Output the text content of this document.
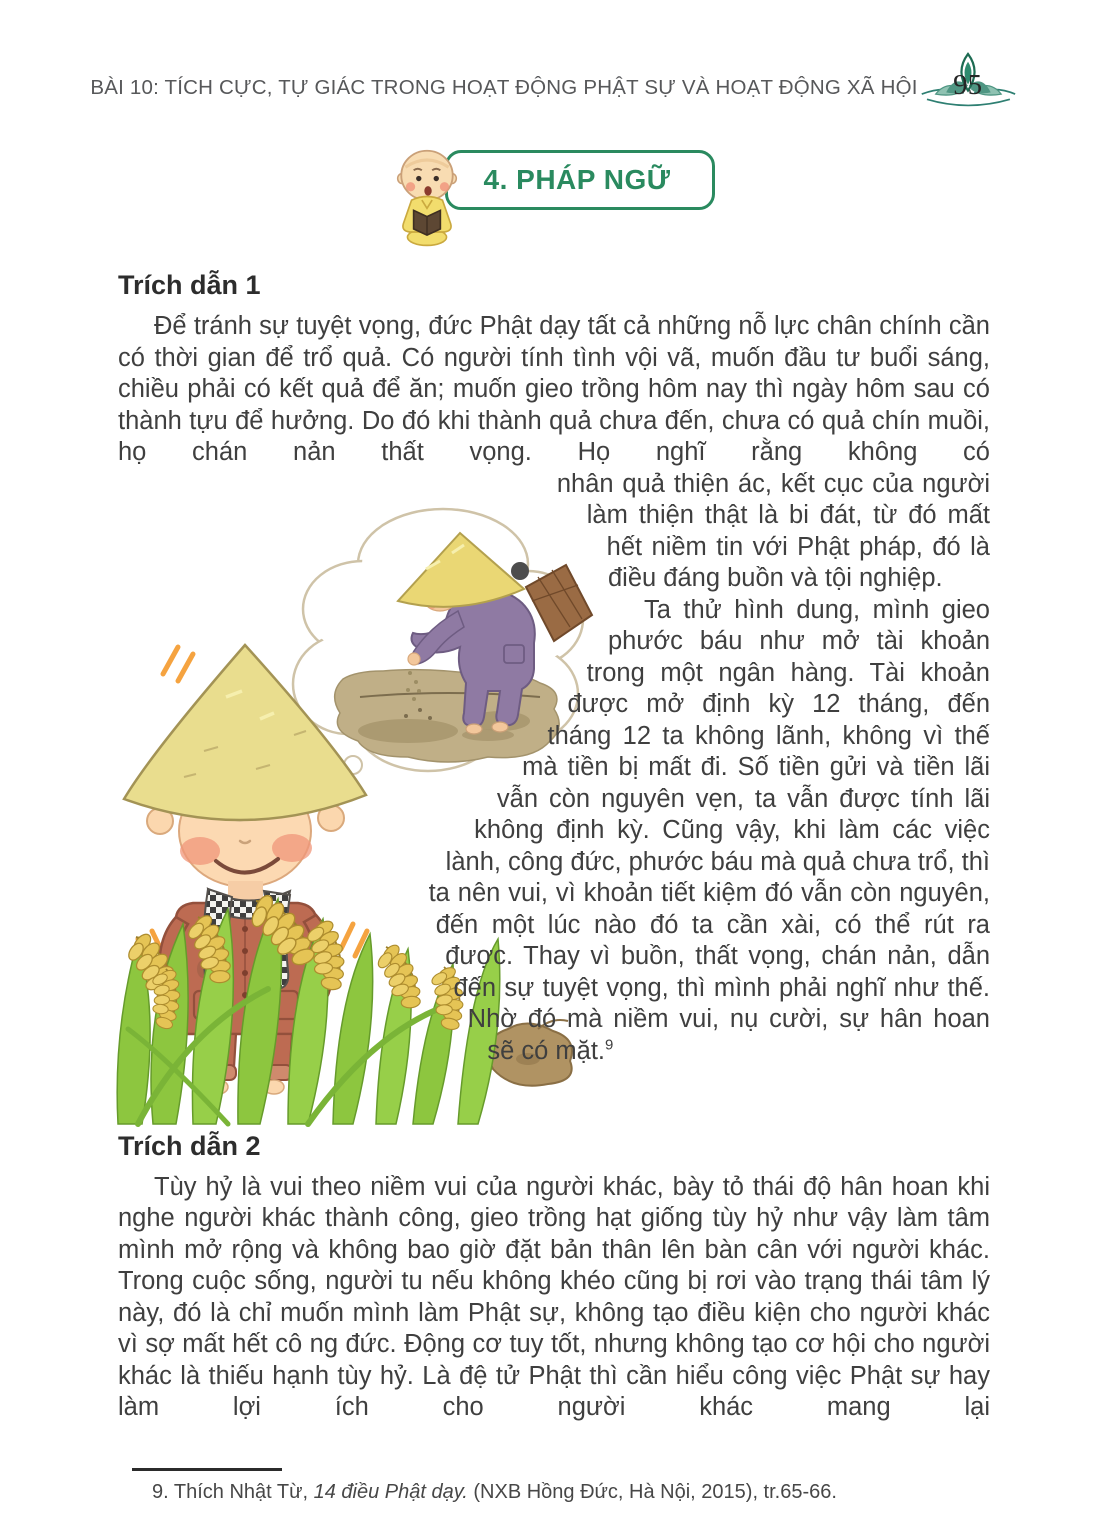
BÀI 10: TÍCH CỰC, TỰ GIÁC TRONG HOẠT ĐỘNG PHẬT SỰ VÀ HOẠT ĐỘNG XÃ HỘI 95
4. PHÁP NGỮ
Trích dẫn 1

Để tránh sự tuyệt vọng, đức Phật dạy tất cả những nỗ lực chân chính cần có thời gian để trổ quả. Có người tính tình vội vã, muốn đầu tư buổi sáng, chiều phải có kết quả để ăn; muốn gieo trồng hôm nay thì ngày hôm sau có thành tựu để hưởng. Do đó khi thành quả chưa đến, chưa có quả chín muồi, họ chán nản thất vọng. Họ nghĩ rằng không có

nhân quả thiện ác, kết cục của người làm thiện thật là bi đát, từ đó mất hết niềm tin với Phật pháp, đó là điều đáng buồn và tội nghiệp.

Ta thử hình dung, mình gieo phước báu như mở tài khoản trong một ngân hàng. Tài khoản được mở định kỳ 12 tháng, đến tháng 12 ta không lãnh, không vì thế mà tiền bị mất đi. Số tiền gửi và tiền lãi vẫn còn nguyên vẹn, ta vẫn được tính lãi không định kỳ. Cũng vậy, khi làm các việc lành, công đức, phước báu mà quả chưa trổ, thì ta nên vui, vì khoản tiết kiệm đó vẫn còn nguyên, đến một lúc nào đó ta cần xài, có thể rút ra được. Thay vì buồn, thất vọng, chán nản, dẫn đến sự tuyệt vọng, thì mình phải nghĩ như thế. Nhờ đó mà niềm vui, nụ cười, sự hân hoan sẽ có mặt.$^9$

Trích dẫn 2

Tùy hỷ là vui theo niềm vui của người khác, bày tỏ thái độ hân hoan khi nghe người khác thành công, gieo trồng hạt giống tùy hỷ như vậy làm tâm mình mở rộng và không bao giờ đặt bản thân lên bàn cân với người khác. Trong cuộc sống, người tu nếu không khéo cũng bị rơi vào trạng thái tâm lý này, đó là chỉ muốn mình làm Phật sự, không tạo điều kiện cho người khác vì sợ mất hết cô ng đức. Động cơ tuy tốt, nhưng không tạo cơ hội cho người khác là thiếu hạnh tùy hỷ. Là đệ tử Phật thì cần hiểu công việc Phật sự hay làm lợi ích cho người khác mang lại

9. Thích Nhật Từ, 14 điều Phật dạy. (NXB Hồng Đức, Hà Nội, 2015), tr.65-66.
